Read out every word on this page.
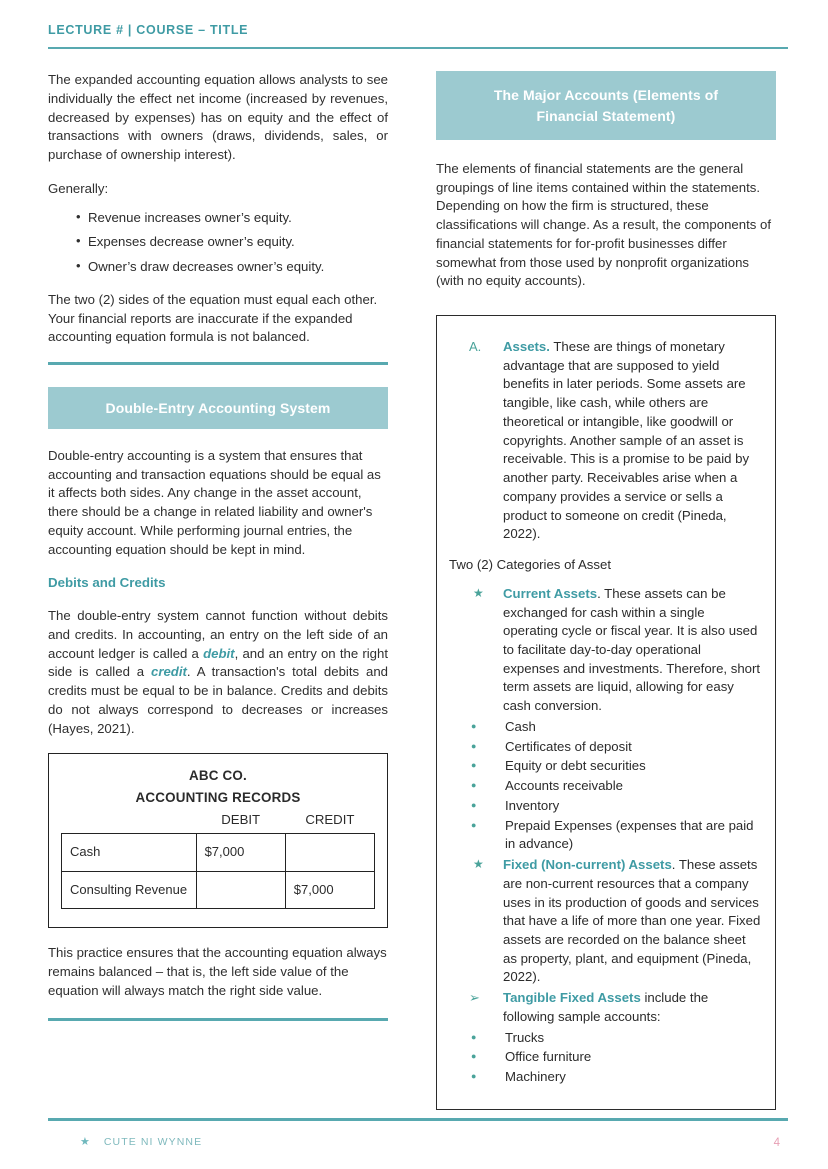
LECTURE # | COURSE – TITLE

The expanded accounting equation allows analysts to see individually the effect net income (increased by revenues, decreased by expenses) has on equity and the effect of transactions with owners (draws, dividends, sales, or purchase of ownership interest).

Generally:

• Revenue increases owner’s equity.
• Expenses decrease owner’s equity.
• Owner’s draw decreases owner’s equity.

The two (2) sides of the equation must equal each other. Your financial reports are inaccurate if the expanded accounting equation formula is not balanced.

Double-Entry Accounting System

Double-entry accounting is a system that ensures that accounting and transaction equations should be equal as it affects both sides. Any change in the asset account, there should be a change in related liability and owner's equity account. While performing journal entries, the accounting equation should be kept in mind.

Debits and Credits

The double-entry system cannot function without debits and credits. In accounting, an entry on the left side of an account ledger is called a debit, and an entry on the right side is called a credit. A transaction's total debits and credits must be equal to be in balance. Credits and debits do not always correspond to decreases or increases (Hayes, 2021).

ABC CO.
ACCOUNTING RECORDS
	DEBIT	CREDIT
Cash	$7,000	
Consulting Revenue		$7,000

This practice ensures that the accounting equation always remains balanced – that is, the left side value of the equation will always match the right side value.

The Major Accounts (Elements of Financial Statement)

The elements of financial statements are the general groupings of line items contained within the statements. Depending on how the firm is structured, these classifications will change. As a result, the components of financial statements for for-profit businesses differ somewhat from those used by nonprofit organizations (with no equity accounts).

A. Assets. These are things of monetary advantage that are supposed to yield benefits in later periods. Some assets are tangible, like cash, while others are theoretical or intangible, like goodwill or copyrights. Another sample of an asset is receivable. This is a promise to be paid by another party. Receivables arise when a company provides a service or sells a product to someone on credit (Pineda, 2022).

Two (2) Categories of Asset

★ Current Assets. These assets can be exchanged for cash within a single operating cycle or fiscal year. It is also used to facilitate day-to-day operational expenses and investments. Therefore, short term assets are liquid, allowing for easy cash conversion.
● Cash
● Certificates of deposit
● Equity or debt securities
● Accounts receivable
● Inventory
● Prepaid Expenses (expenses that are paid in advance)
★ Fixed (Non-current) Assets. These assets are non-current resources that a company uses in its production of goods and services that have a life of more than one year. Fixed assets are recorded on the balance sheet as property, plant, and equipment (Pineda, 2022).
➢ Tangible Fixed Assets include the following sample accounts:
● Trucks
● Office furniture
● Machinery
★ CUTE NI WYNNE	4
